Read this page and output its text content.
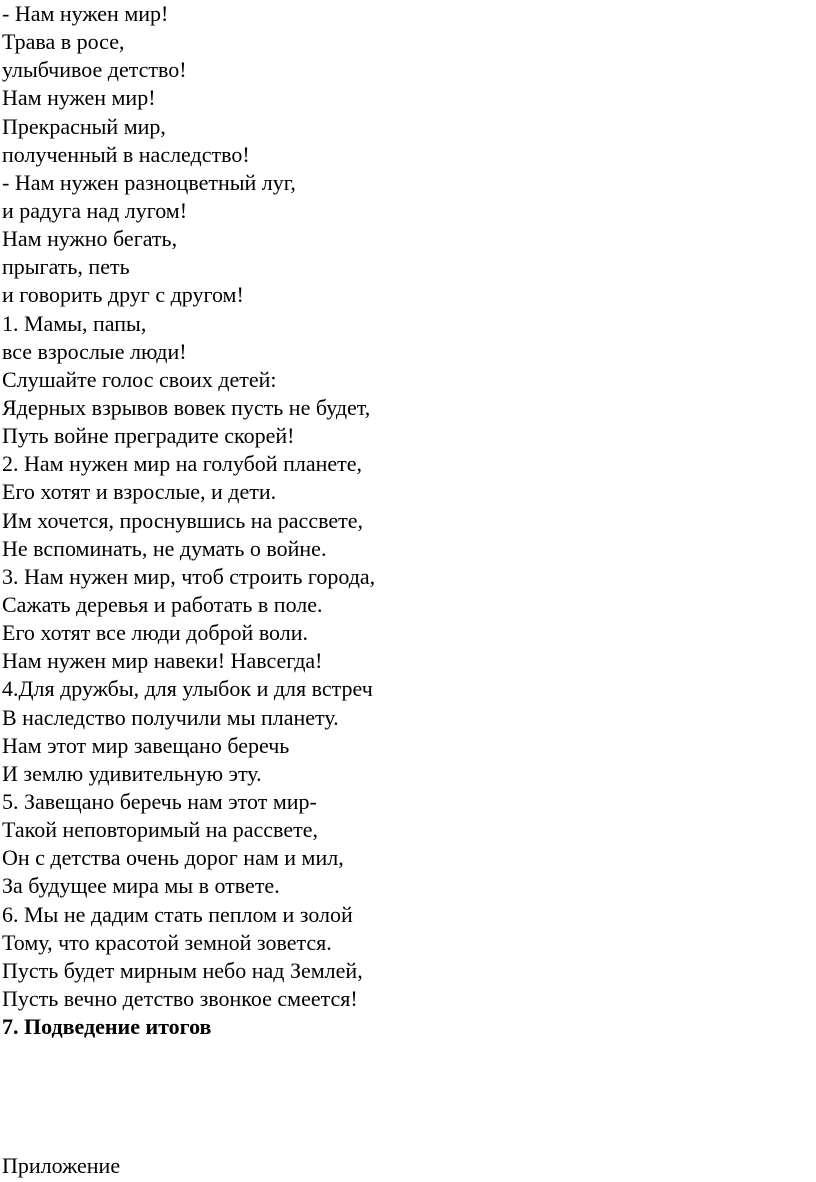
- Нам нужен мир!
Трава в росе,
улыбчивое детство!
Нам нужен мир!
Прекрасный мир,
полученный в наследство!
- Нам нужен разноцветный луг,
и радуга над лугом!
Нам нужно бегать,
прыгать, петь
и говорить друг с другом!
1. Мамы, папы,
все взрослые люди!
Слушайте голос своих детей:
Ядерных взрывов вовек пусть не будет,
Путь войне преградите скорей!
2. Нам нужен мир на голубой планете,
Его хотят и взрослые, и дети.
Им хочется, проснувшись на рассвете,
Не вспоминать, не думать о войне.
3. Нам нужен мир, чтоб строить города,
Сажать деревья и работать в поле.
Его хотят все люди доброй воли.
Нам нужен мир навеки! Навсегда!
4.Для дружбы, для улыбок и для встреч
В наследство получили мы планету.
Нам этот мир завещано беречь
И землю удивительную эту.
5. Завещано беречь нам этот мир-
Такой неповторимый на рассвете,
Он с детства очень дорог нам и мил,
За будущее мира мы в ответе.
6. Мы не дадим стать пеплом и золой
Тому, что красотой земной зовется.
Пусть будет мирным небо над Землей,
Пусть вечно детство звонкое смеется!

7. Подведение итогов

Приложение
